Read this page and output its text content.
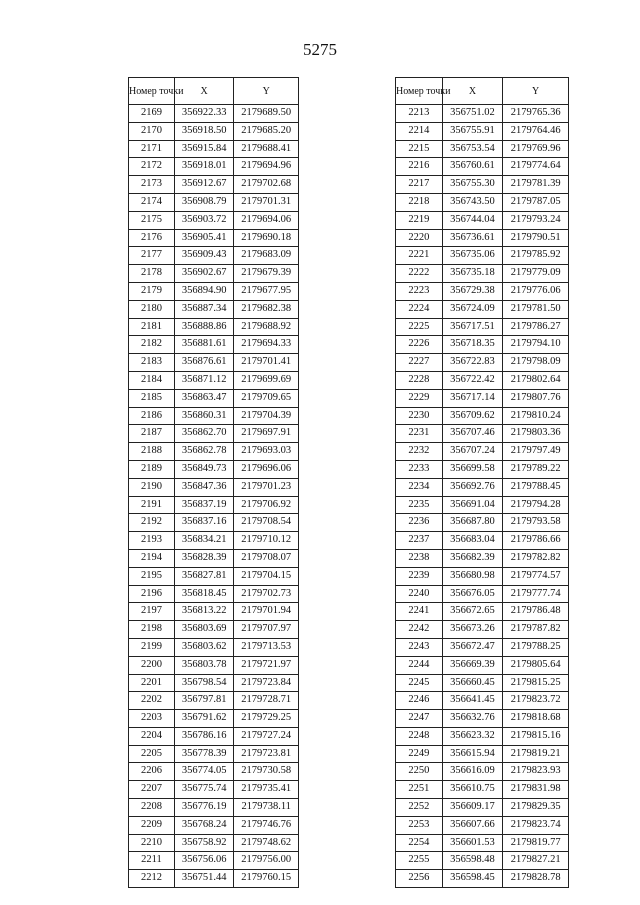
5275
Номер точки	X	Y
2169	356922.33	2179689.50
2170	356918.50	2179685.20
2171	356915.84	2179688.41
2172	356918.01	2179694.96
2173	356912.67	2179702.68
2174	356908.79	2179701.31
2175	356903.72	2179694.06
2176	356905.41	2179690.18
2177	356909.43	2179683.09
2178	356902.67	2179679.39
2179	356894.90	2179677.95
2180	356887.34	2179682.38
2181	356888.86	2179688.92
2182	356881.61	2179694.33
2183	356876.61	2179701.41
2184	356871.12	2179699.69
2185	356863.47	2179709.65
2186	356860.31	2179704.39
2187	356862.70	2179697.91
2188	356862.78	2179693.03
2189	356849.73	2179696.06
2190	356847.36	2179701.23
2191	356837.19	2179706.92
2192	356837.16	2179708.54
2193	356834.21	2179710.12
2194	356828.39	2179708.07
2195	356827.81	2179704.15
2196	356818.45	2179702.73
2197	356813.22	2179701.94
2198	356803.69	2179707.97
2199	356803.62	2179713.53
2200	356803.78	2179721.97
2201	356798.54	2179723.84
2202	356797.81	2179728.71
2203	356791.62	2179729.25
2204	356786.16	2179727.24
2205	356778.39	2179723.81
2206	356774.05	2179730.58
2207	356775.74	2179735.41
2208	356776.19	2179738.11
2209	356768.24	2179746.76
2210	356758.92	2179748.62
2211	356756.06	2179756.00
2212	356751.44	2179760.15
Номер точки	X	Y
2213	356751.02	2179765.36
2214	356755.91	2179764.46
2215	356753.54	2179769.96
2216	356760.61	2179774.64
2217	356755.30	2179781.39
2218	356743.50	2179787.05
2219	356744.04	2179793.24
2220	356736.61	2179790.51
2221	356735.06	2179785.92
2222	356735.18	2179779.09
2223	356729.38	2179776.06
2224	356724.09	2179781.50
2225	356717.51	2179786.27
2226	356718.35	2179794.10
2227	356722.83	2179798.09
2228	356722.42	2179802.64
2229	356717.14	2179807.76
2230	356709.62	2179810.24
2231	356707.46	2179803.36
2232	356707.24	2179797.49
2233	356699.58	2179789.22
2234	356692.76	2179788.45
2235	356691.04	2179794.28
2236	356687.80	2179793.58
2237	356683.04	2179786.66
2238	356682.39	2179782.82
2239	356680.98	2179774.57
2240	356676.05	2179777.74
2241	356672.65	2179786.48
2242	356673.26	2179787.82
2243	356672.47	2179788.25
2244	356669.39	2179805.64
2245	356660.45	2179815.25
2246	356641.45	2179823.72
2247	356632.76	2179818.68
2248	356623.32	2179815.16
2249	356615.94	2179819.21
2250	356616.09	2179823.93
2251	356610.75	2179831.98
2252	356609.17	2179829.35
2253	356607.66	2179823.74
2254	356601.53	2179819.77
2255	356598.48	2179827.21
2256	356598.45	2179828.78
